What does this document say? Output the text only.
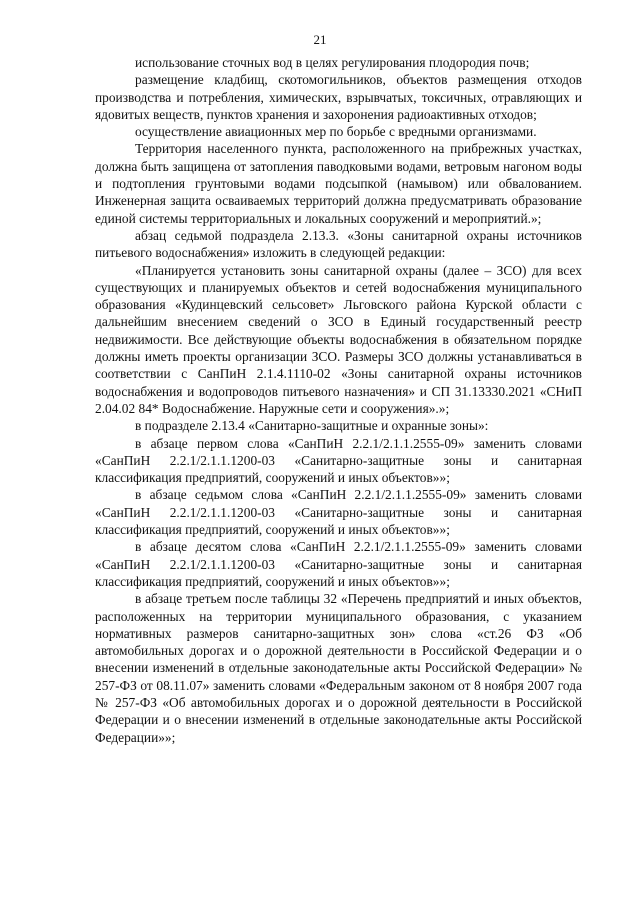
21

использование сточных вод в целях регулирования плодородия почв;

размещение кладбищ, скотомогильников, объектов размещения отходов производства и потребления, химических, взрывчатых, токсичных, отравляющих и ядовитых веществ, пунктов хранения и захоронения радиоактивных отходов;

осуществление авиационных мер по борьбе с вредными организмами.

Территория населенного пункта, расположенного на прибрежных участках, должна быть защищена от затопления паводковыми водами, ветровым нагоном воды и подтопления грунтовыми водами подсыпкой (намывом) или обвалованием. Инженерная защита осваиваемых территорий должна предусматривать образование единой системы территориальных и локальных сооружений и мероприятий.»;

абзац седьмой подраздела 2.13.3. «Зоны санитарной охраны источников питьевого водоснабжения» изложить в следующей редакции:

«Планируется установить зоны санитарной охраны (далее – ЗСО) для всех существующих и планируемых объектов и сетей водоснабжения муниципального образования «Кудинцевский сельсовет» Льговского района Курской области с дальнейшим внесением сведений о ЗСО в Единый государственный реестр недвижимости. Все действующие объекты водоснабжения в обязательном порядке должны иметь проекты организации ЗСО. Размеры ЗСО должны устанавливаться в соответствии с СанПиН 2.1.4.1110-02 «Зоны санитарной охраны источников водоснабжения и водопроводов питьевого назначения» и СП 31.13330.2021 «СНиП 2.04.02 84* Водоснабжение. Наружные сети и сооружения».»;

в подразделе 2.13.4 «Санитарно-защитные и охранные зоны»:

в абзаце первом слова «СанПиН 2.2.1/2.1.1.2555-09» заменить словами «СанПиН 2.2.1/2.1.1.1200-03 «Санитарно-защитные зоны и санитарная классификация предприятий, сооружений и иных объектов»»;

в абзаце седьмом слова «СанПиН 2.2.1/2.1.1.2555-09» заменить словами «СанПиН 2.2.1/2.1.1.1200-03 «Санитарно-защитные зоны и санитарная классификация предприятий, сооружений и иных объектов»»;

в абзаце десятом слова «СанПиН 2.2.1/2.1.1.2555-09» заменить словами «СанПиН 2.2.1/2.1.1.1200-03 «Санитарно-защитные зоны и санитарная классификация предприятий, сооружений и иных объектов»»;

в абзаце третьем после таблицы 32 «Перечень предприятий и иных объектов, расположенных на территории муниципального образования, с указанием нормативных размеров санитарно-защитных зон» слова «ст.26 ФЗ «Об автомобильных дорогах и о дорожной деятельности в Российской Федерации и о внесении изменений в отдельные законодательные акты Российской Федерации» № 257-ФЗ от 08.11.07» заменить словами «Федеральным законом от 8 ноября 2007 года № 257-ФЗ «Об автомобильных дорогах и о дорожной деятельности в Российской Федерации и о внесении изменений в отдельные законодательные акты Российской Федерации»»;
